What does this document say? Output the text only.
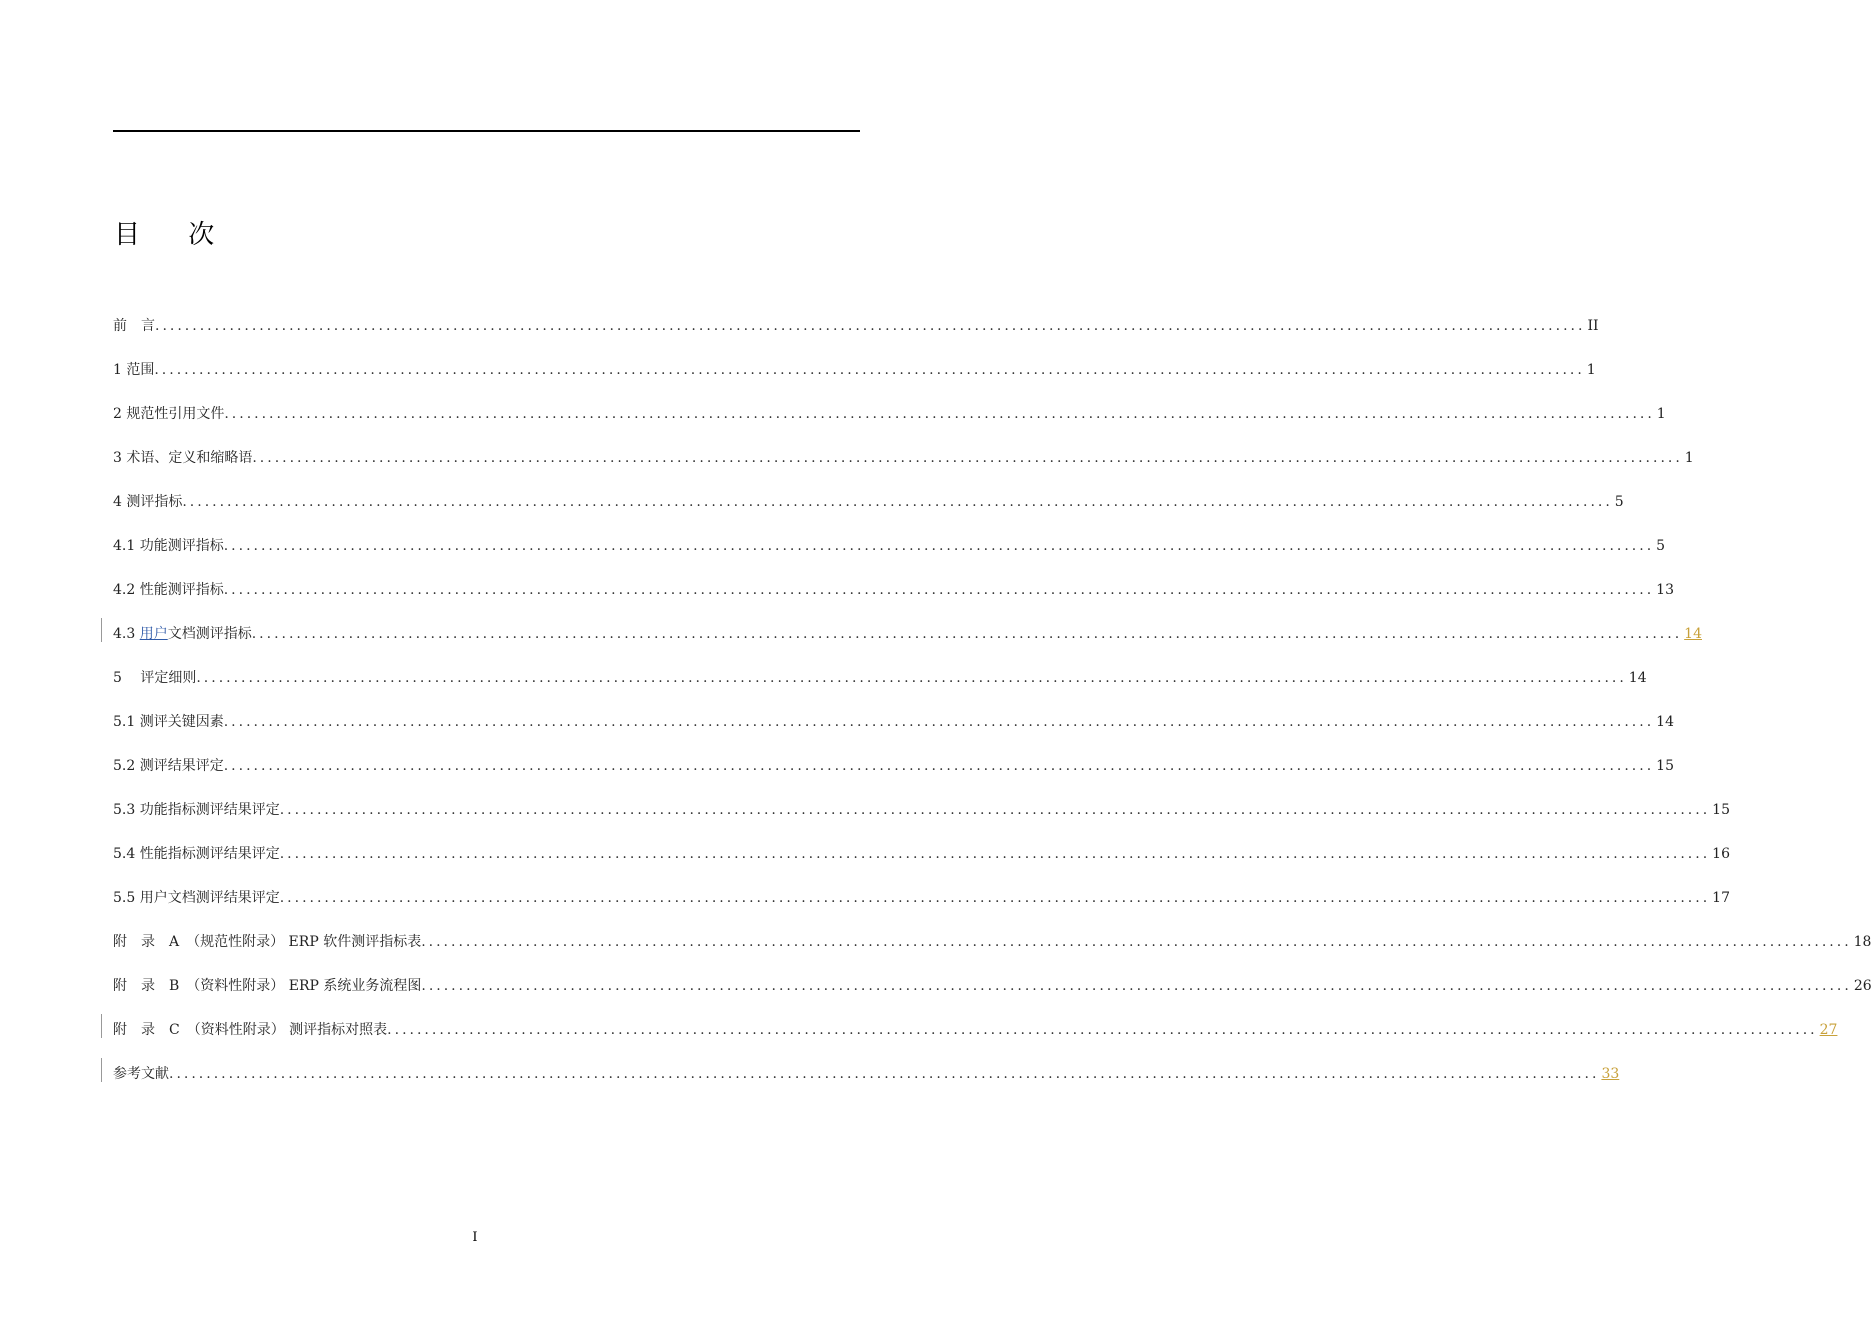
目 次
前　言 ................................................................................................................................................................................................ II
1 范围 ................................................................................................................................................................................................ 1
2 规范性引用文件 ................................................................................................................................................................................................ 1
3 术语、定义和缩略语 ................................................................................................................................................................................................ 1
4 测评指标 ................................................................................................................................................................................................ 5
4.1 功能测评指标 ................................................................................................................................................................................................ 5
4.2 性能测评指标 ................................................................................................................................................................................................ 13
4.3 用户文档测评指标 ................................................................................................................................................................................................ 14
5　 评定细则 ................................................................................................................................................................................................ 14
5.1 测评关键因素 ................................................................................................................................................................................................ 14
5.2 测评结果评定 ................................................................................................................................................................................................ 15
5.3 功能指标测评结果评定 ................................................................................................................................................................................................ 15
5.4 性能指标测评结果评定 ................................................................................................................................................................................................ 16
5.5 用户文档测评结果评定 ................................................................................................................................................................................................ 17
附　录　A　（规范性附录） ERP 软件测评指标表 ................................................................................................................................................................................................ 18
附　录　B　（资料性附录） ERP 系统业务流程图 ................................................................................................................................................................................................ 26
附　录　C　（资料性附录） 测评指标对照表 ................................................................................................................................................................................................ 27
参考文献 ................................................................................................................................................................................................ 33
I
